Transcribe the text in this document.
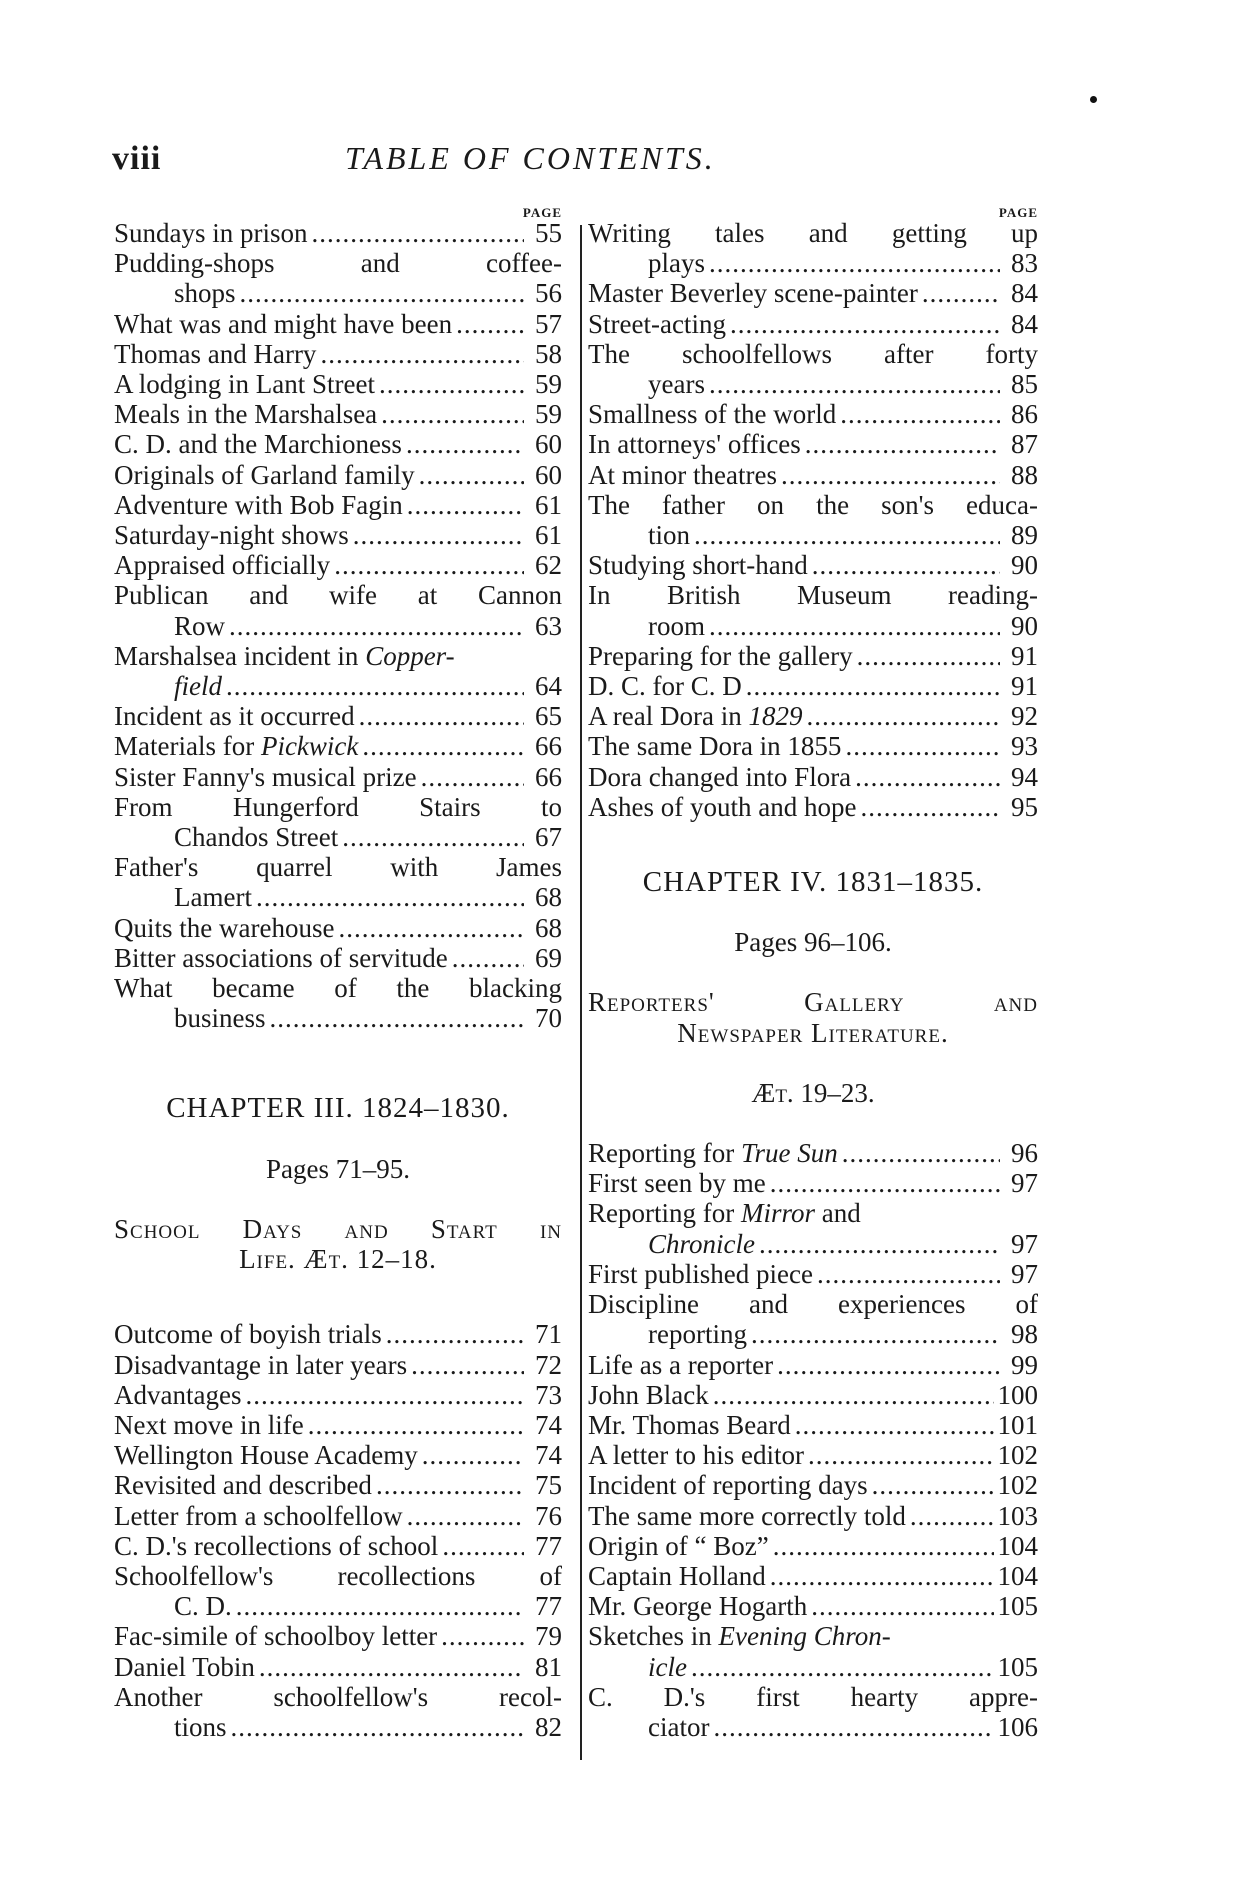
viii	TABLE OF CONTENTS.
PAGE
Sundays in prison .....	55
Pudding-shops and coffee-
shops .....	56
What was and might have been .....	57
Thomas and Harry .....	58
A lodging in Lant Street .....	59
Meals in the Marshalsea .....	59
C. D. and the Marchioness .....	60
Originals of Garland family .....	60
Adventure with Bob Fagin .....	61
Saturday-night shows .....	61
Appraised officially .....	62
Publican and wife at Cannon
Row .....	63
Marshalsea incident in Copper-
field .....	64
Incident as it occurred .....	65
Materials for Pickwick .....	66
Sister Fanny's musical prize .....	66
From Hungerford Stairs to
Chandos Street .....	67
Father's quarrel with James
Lamert .....	68
Quits the warehouse .....	68
Bitter associations of servitude .....	69
What became of the blacking
business .....	70
CHAPTER III. 1824–1830.
Pages 71–95.
School Days and Start in
Life. Æt. 12–18.
Outcome of boyish trials .....	71
Disadvantage in later years .....	72
Advantages .....	73
Next move in life .....	74
Wellington House Academy .....	74
Revisited and described .....	75
Letter from a schoolfellow .....	76
C. D.'s recollections of school .....	77
Schoolfellow's recollections of
C. D. .....	77
Fac-simile of schoolboy letter .....	79
Daniel Tobin .....	81
Another schoolfellow's recol-
tions .....	82
PAGE
Writing tales and getting up
plays .....	83
Master Beverley scene-painter .....	84
Street-acting .....	84
The schoolfellows after forty
years .....	85
Smallness of the world .....	86
In attorneys' offices .....	87
At minor theatres .....	88
The father on the son's educa-
tion .....	89
Studying short-hand .....	90
In British Museum reading-
room .....	90
Preparing for the gallery .....	91
D. C. for C. D .....	91
A real Dora in 1829 .....	92
The same Dora in 1855 .....	93
Dora changed into Flora .....	94
Ashes of youth and hope .....	95
CHAPTER IV. 1831–1835.
Pages 96–106.
Reporters' Gallery and
Newspaper Literature.
Æt. 19–23.
Reporting for True Sun .....	96
First seen by me .....	97
Reporting for Mirror and
Chronicle .....	97
First published piece .....	97
Discipline and experiences of
reporting .....	98
Life as a reporter .....	99
John Black .....	100
Mr. Thomas Beard .....	101
A letter to his editor .....	102
Incident of reporting days .....	102
The same more correctly told .....	103
Origin of “ Boz” .....	104
Captain Holland .....	104
Mr. George Hogarth .....	105
Sketches in Evening Chron-
icle .....	105
C. D.'s first hearty appre-
ciator .....	106
